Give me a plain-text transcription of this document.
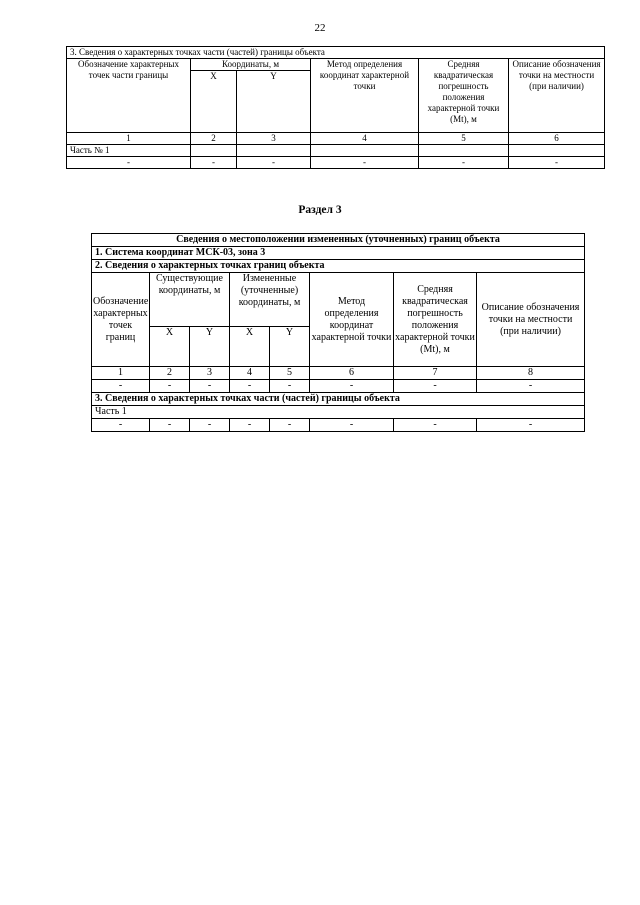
22
3. Сведения о характерных точках части (частей) границы объекта					
Обозначение характерных точек части границы	Координаты, м		Метод определения координат характерной точки	Средняя квадратическая погрешность положения характерной точки (Mt), м	Описание обозначения точки на местности (при наличии)
	X	Y			
1	2	3	4	5	6
Часть № 1					
-	-	-	-	-	-
Раздел 3
Сведения о местоположении измененных (уточненных) границ объекта							
1. Система координат МСК-03, зона 3							
2. Сведения о характерных точках границ объекта							
Обозначение характерных точек границ	Существующие координаты, м		Измененные (уточненные) координаты, м		Метод определения координат характерной точки	Средняя квадратическая погрешность положения характерной точки (Mt), м	Описание обозначения точки на местности (при наличии)
	X	Y	X	Y			
1	2	3	4	5	6	7	8
-	-	-	-	-	-	-	-
3. Сведения о характерных точках части (частей) границы объекта							
Часть 1							
-	-	-	-	-	-	-	-
